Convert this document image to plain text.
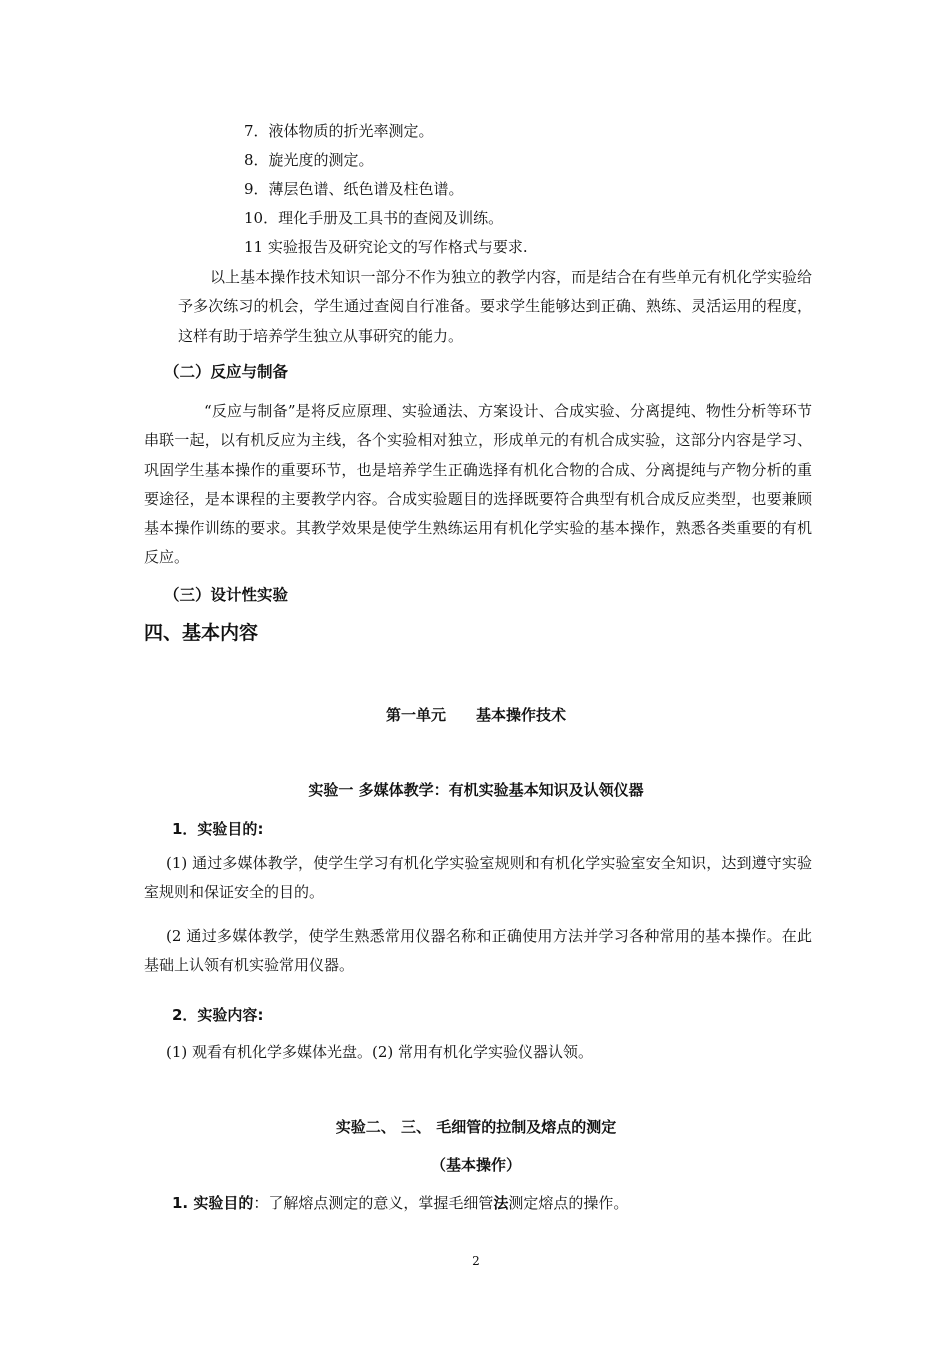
7．液体物质的折光率测定。
8．旋光度的测定。
9．薄层色谱、纸色谱及柱色谱。
10．理化手册及工具书的查阅及训练。
11 实验报告及研究论文的写作格式与要求.
以上基本操作技术知识一部分不作为独立的教学内容，而是结合在有些单元有机化学实验给予多次练习的机会，学生通过查阅自行准备。要求学生能够达到正确、熟练、灵活运用的程度，这样有助于培养学生独立从事研究的能力。
（二）反应与制备
“反应与制备”是将反应原理、实验通法、方案设计、合成实验、分离提纯、物性分析等环节串联一起，以有机反应为主线，各个实验相对独立，形成单元的有机合成实验，这部分内容是学习、巩固学生基本操作的重要环节，也是培养学生正确选择有机化合物的合成、分离提纯与产物分析的重要途径，是本课程的主要教学内容。合成实验题目的选择既要符合典型有机合成反应类型，也要兼顾基本操作训练的要求。其教学效果是使学生熟练运用有机化学实验的基本操作，熟悉各类重要的有机反应。
（三）设计性实验
四、基本内容
第一单元　　基本操作技术
实验一 多媒体教学：有机实验基本知识及认领仪器
1．实验目的:
(1) 通过多媒体教学，使学生学习有机化学实验室规则和有机化学实验室安全知识，达到遵守实验室规则和保证安全的目的。
(2 通过多媒体教学，使学生熟悉常用仪器名称和正确使用方法并学习各种常用的基本操作。在此基础上认领有机实验常用仪器。
2．实验内容:
(1) 观看有机化学多媒体光盘。(2) 常用有机化学实验仪器认领。
实验二、 三、 毛细管的拉制及熔点的测定
（基本操作）
1. 实验目的：了解熔点测定的意义，掌握毛细管法测定熔点的操作。
2
